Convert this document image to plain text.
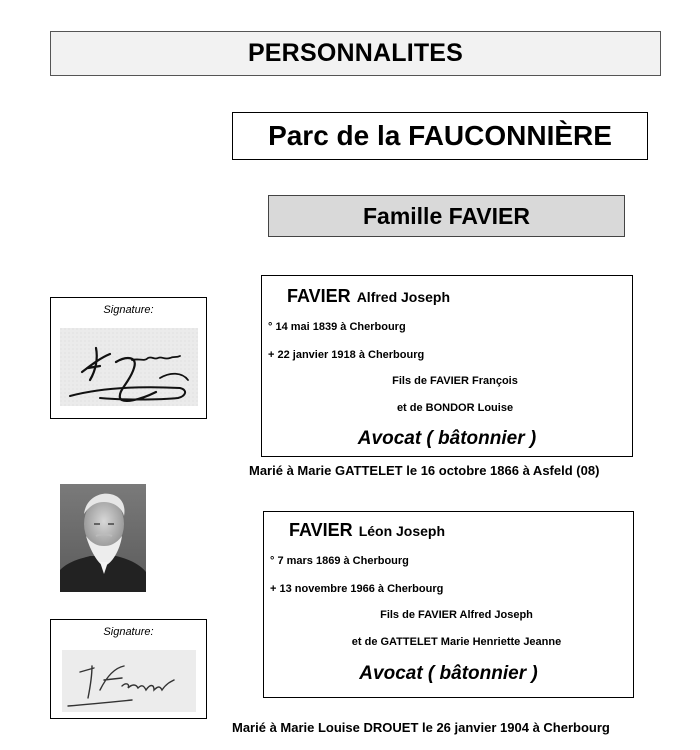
PERSONNALITES
Parc de la FAUCONNIÈRE
Famille FAVIER
Signature:
FAVIER Alfred Joseph
° 14 mai 1839 à Cherbourg
+ 22 janvier 1918 à Cherbourg
Fils de FAVIER François
et de BONDOR Louise
Avocat ( bâtonnier )
Marié à Marie GATTELET le 16 octobre 1866 à Asfeld (08)
Signature:
FAVIER Léon Joseph
° 7 mars 1869 à Cherbourg
+ 13 novembre 1966 à Cherbourg
Fils de FAVIER Alfred Joseph
et de GATTELET Marie Henriette Jeanne
Avocat ( bâtonnier )
Marié à Marie Louise DROUET le 26 janvier 1904 à Cherbourg
